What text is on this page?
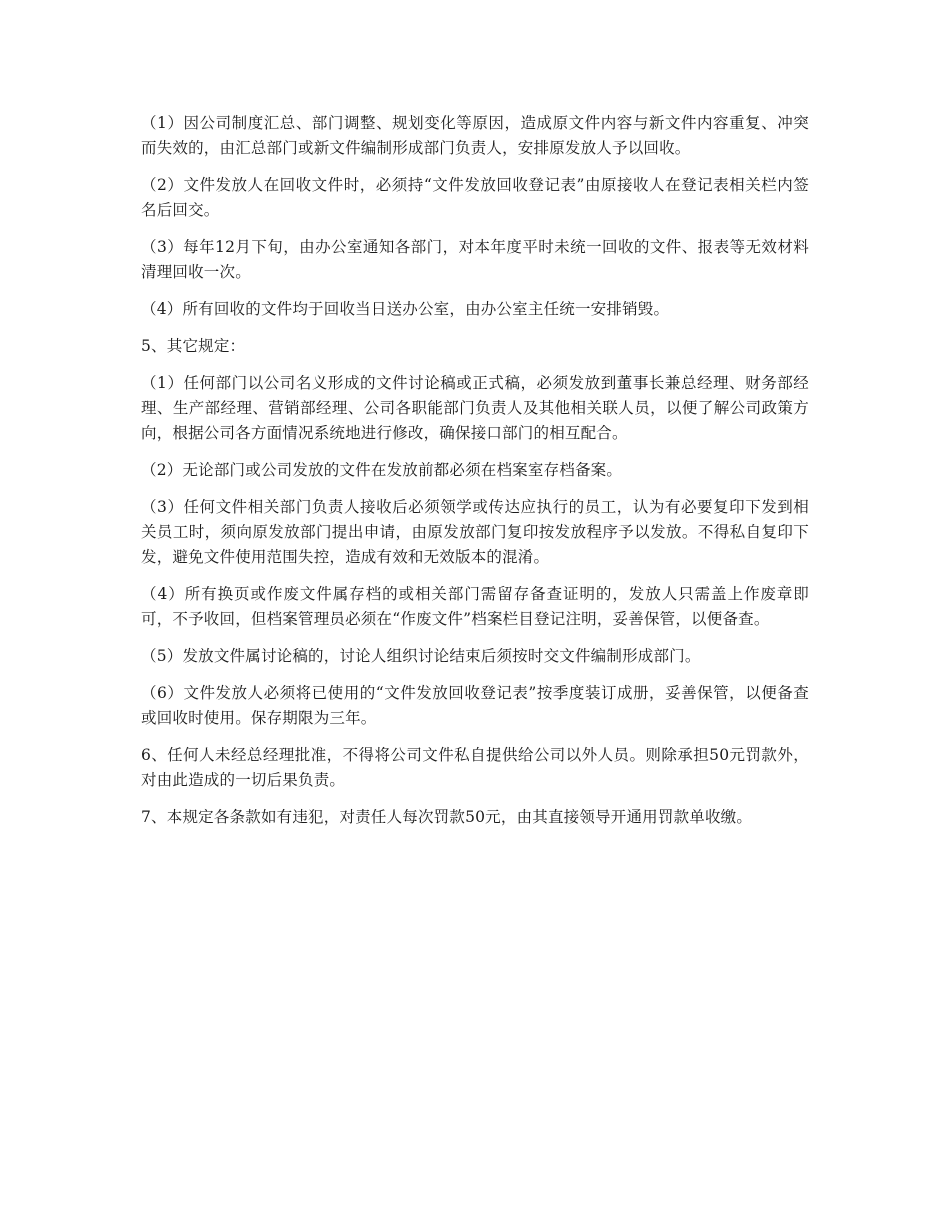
（1）因公司制度汇总、部门调整、规划变化等原因，造成原文件内容与新文件内容重复、冲突而失效的，由汇总部门或新文件编制形成部门负责人，安排原发放人予以回收。

（2）文件发放人在回收文件时，必须持“文件发放回收登记表”由原接收人在登记表相关栏内签名后回交。

（3）每年12月下旬，由办公室通知各部门，对本年度平时未统一回收的文件、报表等无效材料清理回收一次。

（4）所有回收的文件均于回收当日送办公室，由办公室主任统一安排销毁。

5、其它规定：

（1）任何部门以公司名义形成的文件讨论稿或正式稿，必须发放到董事长兼总经理、财务部经理、生产部经理、营销部经理、公司各职能部门负责人及其他相关联人员，以便了解公司政策方向，根据公司各方面情况系统地进行修改，确保接口部门的相互配合。

（2）无论部门或公司发放的文件在发放前都必须在档案室存档备案。

（3）任何文件相关部门负责人接收后必须领学或传达应执行的员工，认为有必要复印下发到相关员工时，须向原发放部门提出申请，由原发放部门复印按发放程序予以发放。不得私自复印下发，避免文件使用范围失控，造成有效和无效版本的混淆。

（4）所有换页或作废文件属存档的或相关部门需留存备查证明的，发放人只需盖上作废章即可，不予收回，但档案管理员必须在“作废文件”档案栏目登记注明，妥善保管，以便备查。

（5）发放文件属讨论稿的，讨论人组织讨论结束后须按时交文件编制形成部门。

（6）文件发放人必须将已使用的“文件发放回收登记表”按季度装订成册，妥善保管，以便备查或回收时使用。保存期限为三年。

6、任何人未经总经理批准，不得将公司文件私自提供给公司以外人员。则除承担50元罚款外，对由此造成的一切后果负责。

7、本规定各条款如有违犯，对责任人每次罚款50元，由其直接领导开通用罚款单收缴。
